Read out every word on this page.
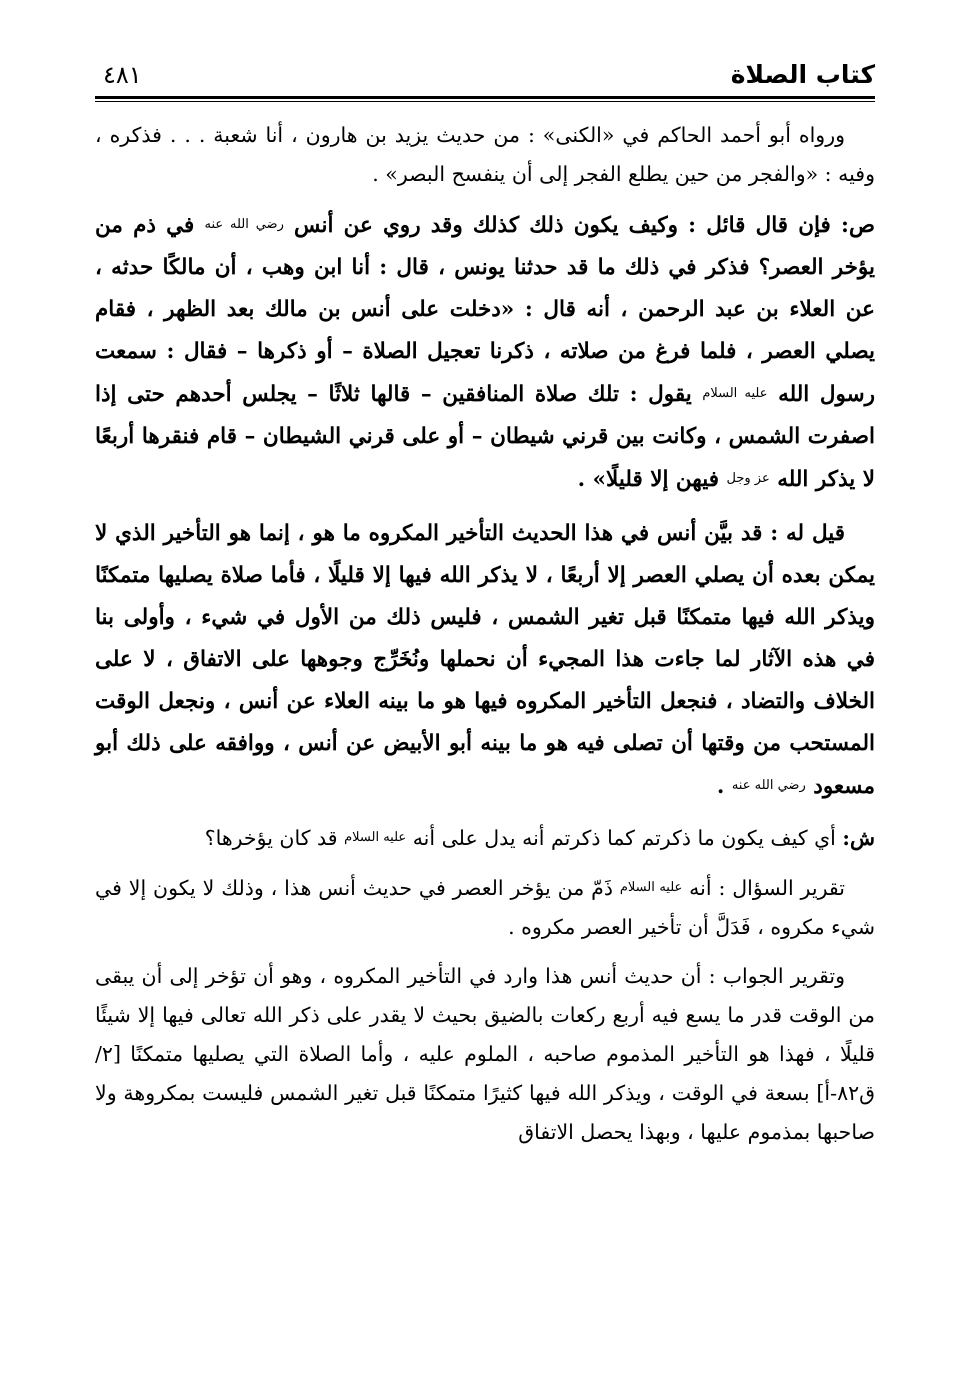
كتاب الصلاة
٤٨١

ورواه أبو أحمد الحاكم في «الكنى» : من حديث يزيد بن هارون ، أنا شعبة . . . فذكره ، وفيه : «والفجر من حين يطلع الفجر إلى أن ينفسح البصر» .

ص: فإن قال قائل : وكيف يكون ذلك كذلك وقد روي عن أنس رضي الله عنه في ذم من يؤخر العصر؟ فذكر في ذلك ما قد حدثنا يونس ، قال : أنا ابن وهب ، أن مالكًا حدثه ، عن العلاء بن عبد الرحمن ، أنه قال : «دخلت على أنس بن مالك بعد الظهر ، فقام يصلي العصر ، فلما فرغ من صلاته ، ذكرنا تعجيل الصلاة – أو ذكرها – فقال : سمعت رسول الله عليه السلام يقول : تلك صلاة المنافقين – قالها ثلاثًا – يجلس أحدهم حتى إذا اصفرت الشمس ، وكانت بين قرني شيطان – أو على قرني الشيطان – قام فنقرها أربعًا لا يذكر الله عز وجل فيهن إلا قليلًا» .

قيل له : قد بيَّن أنس في هذا الحديث التأخير المكروه ما هو ، إنما هو التأخير الذي لا يمكن بعده أن يصلي العصر إلا أربعًا ، لا يذكر الله فيها إلا قليلًا ، فأما صلاة يصليها متمكنًا ويذكر الله فيها متمكنًا قبل تغير الشمس ، فليس ذلك من الأول في شيء ، وأولى بنا في هذه الآثار لما جاءت هذا المجيء أن نحملها ونُخَرِّج وجوهها على الاتفاق ، لا على الخلاف والتضاد ، فنجعل التأخير المكروه فيها هو ما بينه العلاء عن أنس ، ونجعل الوقت المستحب من وقتها أن تصلى فيه هو ما بينه أبو الأبيض عن أنس ، ووافقه على ذلك أبو مسعود رضي الله عنه .

ش: أي كيف يكون ما ذكرتم كما ذكرتم أنه يدل على أنه عليه السلام قد كان يؤخرها؟

تقرير السؤال : أنه عليه السلام ذَمّ من يؤخر العصر في حديث أنس هذا ، وذلك لا يكون إلا في شيء مكروه ، فَدَلَّ أن تأخير العصر مكروه .

وتقرير الجواب : أن حديث أنس هذا وارد في التأخير المكروه ، وهو أن تؤخر إلى أن يبقى من الوقت قدر ما يسع فيه أربع ركعات بالضيق بحيث لا يقدر على ذكر الله تعالى فيها إلا شيئًا قليلًا ، فهذا هو التأخير المذموم صاحبه ، الملوم عليه ، وأما الصلاة التي يصليها متمكنًا [٢/ ق٨٢-أ] بسعة في الوقت ، ويذكر الله فيها كثيرًا متمكنًا قبل تغير الشمس فليست بمكروهة ولا صاحبها بمذموم عليها ، وبهذا يحصل الاتفاق
